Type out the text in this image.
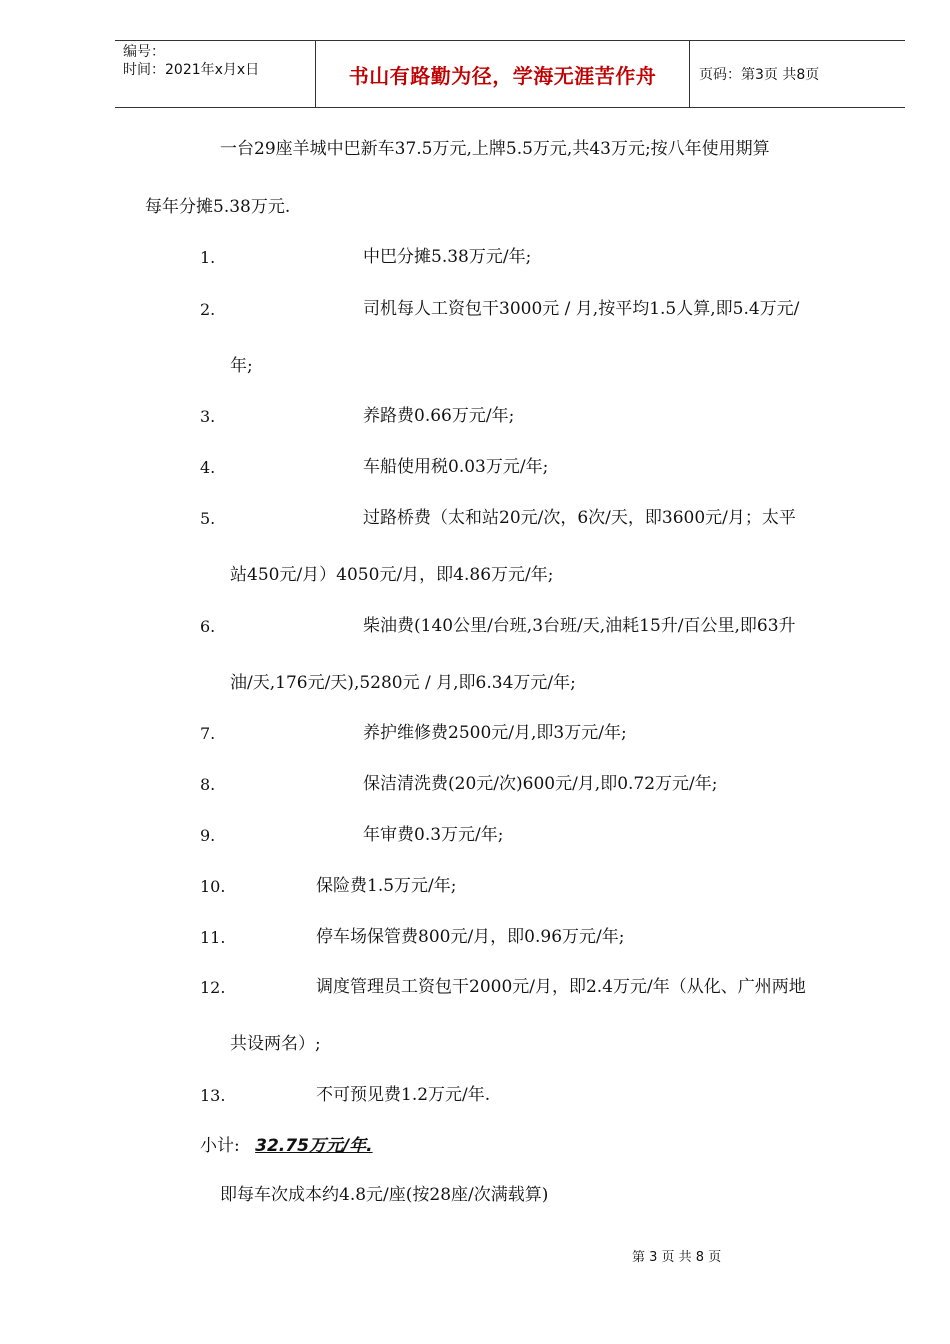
编号：
时间：2021年x月x日	书山有路勤为径，学海无涯苦作舟	页码：第3页 共8页
一台29座羊城中巴新车37.5万元,上牌5.5万元,共43万元;按八年使用期算
每年分摊5.38万元.
1.	中巴分摊5.38万元/年;
2.	司机每人工资包干3000元 / 月,按平均1.5人算,即5.4万元/
年;
3.	养路费0.66万元/年;
4.	车船使用税0.03万元/年;
5.	过路桥费（太和站20元/次，6次/天，即3600元/月；太平
站450元/月）4050元/月，即4.86万元/年;
6.	柴油费(140公里/台班,3台班/天,油耗15升/百公里,即63升
油/天,176元/天),5280元 / 月,即6.34万元/年;
7.	养护维修费2500元/月,即3万元/年;
8.	保洁清洗费(20元/次)600元/月,即0.72万元/年;
9.	年审费0.3万元/年;
10.	保险费1.5万元/年;
11.	停车场保管费800元/月，即0.96万元/年;
12.	调度管理员工资包干2000元/月，即2.4万元/年（从化、广州两地
共设两名）;
13.	不可预见费1.2万元/年.
小计: 32.75万元/年.
即每车次成本约4.8元/座(按28座/次满载算)
第 3 页 共 8 页
